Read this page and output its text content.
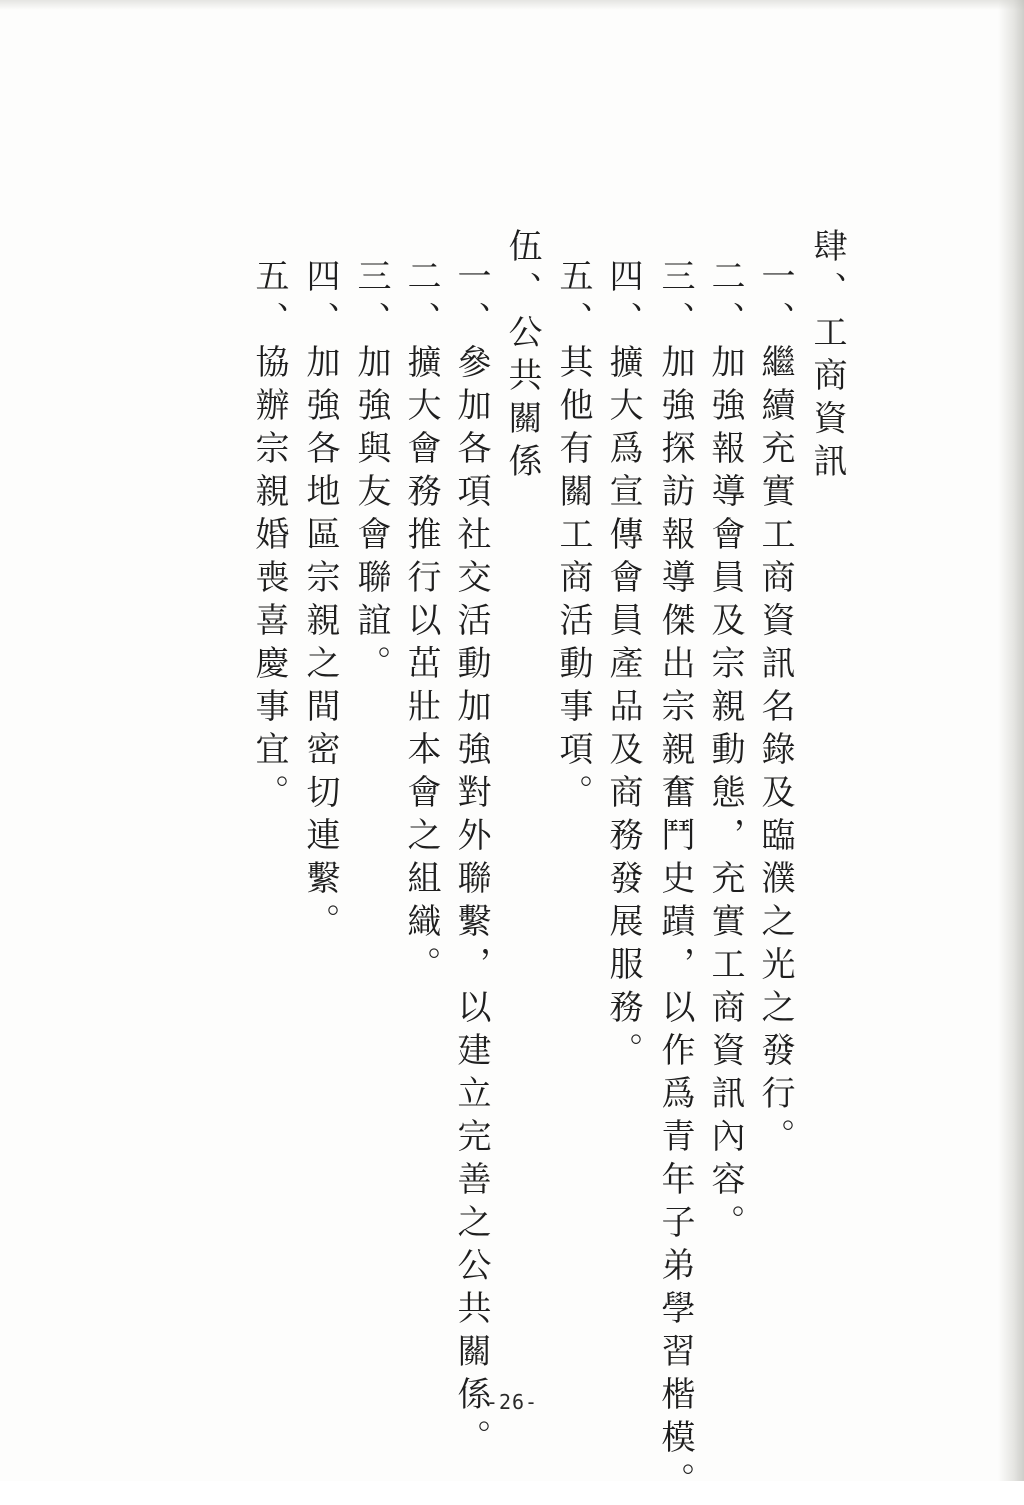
肆、工商資訊
一、繼續充實工商資訊名錄及臨濮之光之發行。
二、加強報導會員及宗親動態，充實工商資訊內容。
三、加強探訪報導傑出宗親奮鬥史蹟，以作爲青年子弟學習楷模。
四、擴大爲宣傳會員產品及商務發展服務。
五、其他有關工商活動事項。
伍、公共關係
一、參加各項社交活動加強對外聯繫，以建立完善之公共關係。
二、擴大會務推行以茁壯本會之組織。
三、加強與友會聯誼。
四、加強各地區宗親之間密切連繫。
五、協辦宗親婚喪喜慶事宜。
-26-
